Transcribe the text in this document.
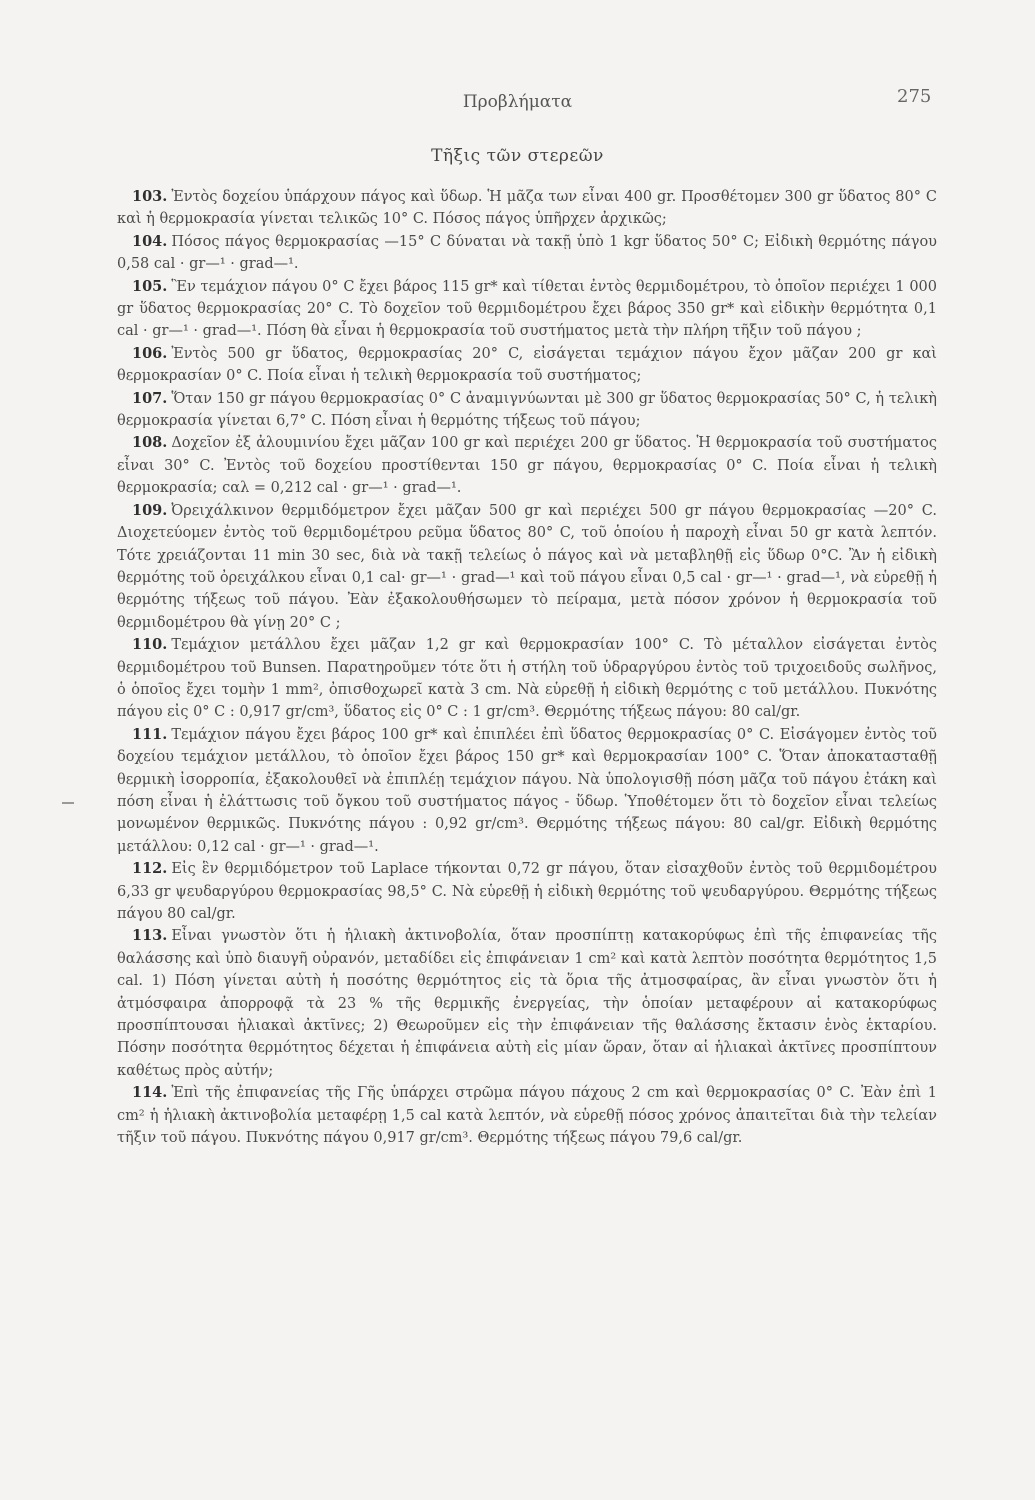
Προβλήματα	275
Τῆξις τῶν στερεῶν

103. Ἐντὸς δοχείου ὑπάρχουν πάγος καὶ ὕδωρ. Ἡ μᾶζα των εἶναι 400 gr. Προσθέτομεν 300 gr ὕδατος 80° C καὶ ἡ θερμοκρασία γίνεται τελικῶς 10° C. Πόσος πάγος ὑπῆρχεν ἀρχικῶς;

104. Πόσος πάγος θερμοκρασίας —15° C δύναται νὰ τακῇ ὑπὸ 1 kgr ὕδατος 50° C; Εἰδικὴ θερμότης πάγου 0,58 cal · gr—¹ · grad—¹.

105. Ἓν τεμάχιον πάγου 0° C ἔχει βάρος 115 gr* καὶ τίθεται ἐντὸς θερμιδομέτρου, τὸ ὁποῖον περιέχει 1 000 gr ὕδατος θερμοκρασίας 20° C. Τὸ δοχεῖον τοῦ θερμιδομέτρου ἔχει βάρος 350 gr* καὶ εἰδικὴν θερμότητα 0,1 cal · gr—¹ · grad—¹. Πόση θὰ εἶναι ἡ θερμοκρασία τοῦ συστήματος μετὰ τὴν πλήρη τῆξιν τοῦ πάγου ;

106. Ἐντὸς 500 gr ὕδατος, θερμοκρασίας 20° C, εἰσάγεται τεμάχιον πάγου ἔχον μᾶζαν 200 gr καὶ θερμοκρασίαν 0° C. Ποία εἶναι ἡ τελικὴ θερμοκρασία τοῦ συστήματος;

107. Ὅταν 150 gr πάγου θερμοκρασίας 0° C ἀναμιγνύωνται μὲ 300 gr ὕδατος θερμοκρασίας 50° C, ἡ τελικὴ θερμοκρασία γίνεται 6,7° C. Πόση εἶναι ἡ θερμότης τήξεως τοῦ πάγου;

108. Δοχεῖον ἐξ ἀλουμινίου ἔχει μᾶζαν 100 gr καὶ περιέχει 200 gr ὕδατος. Ἡ θερμοκρασία τοῦ συστήματος εἶναι 30° C. Ἐντὸς τοῦ δοχείου προστίθενται 150 gr πάγου, θερμοκρασίας 0° C. Ποία εἶναι ἡ τελικὴ θερμοκρασία; cαλ = 0,212 cal · gr—¹ · grad—¹.

109. Ὀρειχάλκινον θερμιδόμετρον ἔχει μᾶζαν 500 gr καὶ περιέχει 500 gr πάγου θερμοκρασίας —20° C. Διοχετεύομεν ἐντὸς τοῦ θερμιδομέτρου ρεῦμα ὕδατος 80° C, τοῦ ὁποίου ἡ παροχὴ εἶναι 50 gr κατὰ λεπτόν. Τότε χρειάζονται 11 min 30 sec, διὰ νὰ τακῇ τελείως ὁ πάγος καὶ νὰ μεταβληθῇ εἰς ὕδωρ 0°C. Ἂν ἡ εἰδικὴ θερμότης τοῦ ὀρειχάλκου εἶναι 0,1 cal· gr—¹ · grad—¹ καὶ τοῦ πάγου εἶναι 0,5 cal · gr—¹ · grad—¹, νὰ εὑρεθῇ ἡ θερμότης τήξεως τοῦ πάγου. Ἐὰν ἐξακολουθήσωμεν τὸ πείραμα, μετὰ πόσον χρόνον ἡ θερμοκρασία τοῦ θερμιδομέτρου θὰ γίνῃ 20° C ;

110. Τεμάχιον μετάλλου ἔχει μᾶζαν 1,2 gr καὶ θερμοκρασίαν 100° C. Τὸ μέταλλον εἰσάγεται ἐντὸς θερμιδομέτρου τοῦ Bunsen. Παρατηροῦμεν τότε ὅτι ἡ στήλη τοῦ ὑδραργύρου ἐντὸς τοῦ τριχοειδοῦς σωλῆνος, ὁ ὁποῖος ἔχει τομὴν 1 mm², ὀπισθοχωρεῖ κατὰ 3 cm. Νὰ εὑρεθῇ ἡ εἰδικὴ θερμότης c τοῦ μετάλλου. Πυκνότης πάγου εἰς 0° C : 0,917 gr/cm³, ὕδατος εἰς 0° C : 1 gr/cm³. Θερμότης τήξεως πάγου: 80 cal/gr.

111. Τεμάχιον πάγου ἔχει βάρος 100 gr* καὶ ἐπιπλέει ἐπὶ ὕδατος θερμοκρασίας 0° C. Εἰσάγομεν ἐντὸς τοῦ δοχείου τεμάχιον μετάλλου, τὸ ὁποῖον ἔχει βάρος 150 gr* καὶ θερμοκρασίαν 100° C. Ὅταν ἀποκατασταθῇ θερμικὴ ἰσορροπία, ἐξακολουθεῖ νὰ ἐπιπλέῃ τεμάχιον πάγου. Νὰ ὑπολογισθῇ πόση μᾶζα τοῦ πάγου ἐτάκη καὶ πόση εἶναι ἡ ἐλάττωσις τοῦ ὄγκου τοῦ συστήματος πάγος - ὕδωρ. Ὑποθέτομεν ὅτι τὸ δοχεῖον εἶναι τελείως μονωμένον θερμικῶς. Πυκνότης πάγου : 0,92 gr/cm³. Θερμότης τήξεως πάγου: 80 cal/gr. Εἰδικὴ θερμότης μετάλλου: 0,12 cal · gr—¹ · grad—¹.

112. Εἰς ἓν θερμιδόμετρον τοῦ Laplace τήκονται 0,72 gr πάγου, ὅταν εἰσαχθοῦν ἐντὸς τοῦ θερμιδομέτρου 6,33 gr ψευδαργύρου θερμοκρασίας 98,5° C. Νὰ εὑρεθῇ ἡ εἰδικὴ θερμότης τοῦ ψευδαργύρου. Θερμότης τήξεως πάγου 80 cal/gr.

113. Εἶναι γνωστὸν ὅτι ἡ ἡλιακὴ ἀκτινοβολία, ὅταν προσπίπτῃ κατακορύφως ἐπὶ τῆς ἐπιφανείας τῆς θαλάσσης καὶ ὑπὸ διαυγῆ οὐρανόν, μεταδίδει εἰς ἐπιφάνειαν 1 cm² καὶ κατὰ λεπτὸν ποσότητα θερμότητος 1,5 cal. 1) Πόση γίνεται αὐτὴ ἡ ποσότης θερμότητος εἰς τὰ ὅρια τῆς ἀτμοσφαίρας, ἂν εἶναι γνωστὸν ὅτι ἡ ἀτμόσφαιρα ἀπορροφᾷ τὰ 23 % τῆς θερμικῆς ἐνεργείας, τὴν ὁποίαν μεταφέρουν αἱ κατακορύφως προσπίπτουσαι ἡλιακαὶ ἀκτῖνες; 2) Θεωροῦμεν εἰς τὴν ἐπιφάνειαν τῆς θαλάσσης ἔκτασιν ἑνὸς ἑκταρίου. Πόσην ποσότητα θερμότητος δέχεται ἡ ἐπιφάνεια αὐτὴ εἰς μίαν ὥραν, ὅταν αἱ ἡλιακαὶ ἀκτῖνες προσπίπτουν καθέτως πρὸς αὐτήν;

114. Ἐπὶ τῆς ἐπιφανείας τῆς Γῆς ὑπάρχει στρῶμα πάγου πάχους 2 cm καὶ θερμοκρασίας 0° C. Ἐὰν ἐπὶ 1 cm² ἡ ἡλιακὴ ἀκτινοβολία μεταφέρῃ 1,5 cal κατὰ λεπτόν, νὰ εὑρεθῇ πόσος χρόνος ἀπαιτεῖται διὰ τὴν τελείαν τῆξιν τοῦ πάγου. Πυκνότης πάγου 0,917 gr/cm³. Θερμότης τήξεως πάγου 79,6 cal/gr.
